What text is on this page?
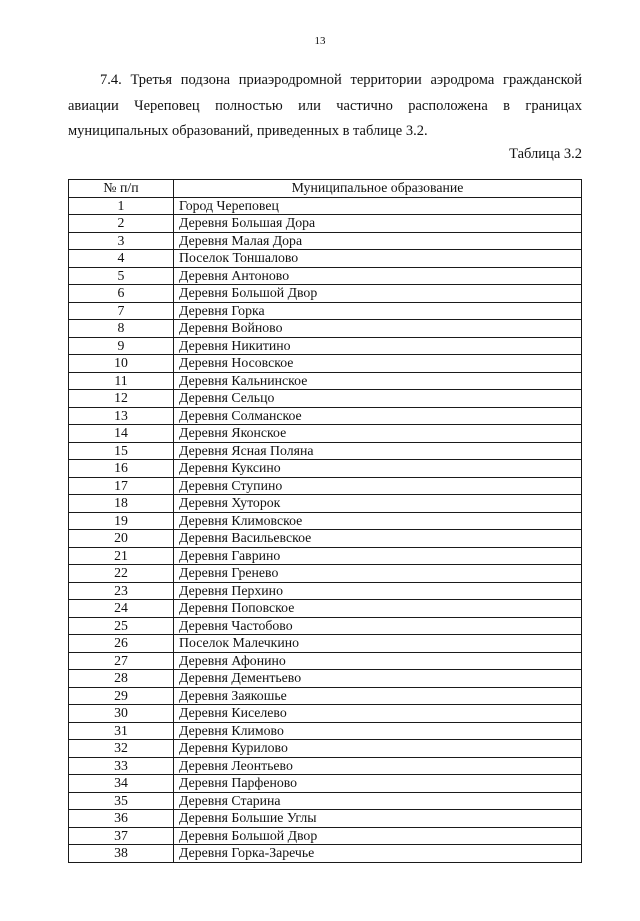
13

7.4. Третья подзона приаэродромной территории аэродрома гражданской
авиации Череповец полностью или частично расположена в границах
муниципальных образований, приведенных в таблице 3.2.

Таблица 3.2
№ п/п	Муниципальное образование
1	Город Череповец
2	Деревня Большая Дора
3	Деревня Малая Дора
4	Поселок Тоншалово
5	Деревня Антоново
6	Деревня Большой Двор
7	Деревня Горка
8	Деревня Войново
9	Деревня Никитино
10	Деревня Носовское
11	Деревня Кальнинское
12	Деревня Сельцо
13	Деревня Солманское
14	Деревня Яконское
15	Деревня Ясная Поляна
16	Деревня Куксино
17	Деревня Ступино
18	Деревня Хуторок
19	Деревня Климовское
20	Деревня Васильевское
21	Деревня Гаврино
22	Деревня Гренево
23	Деревня Перхино
24	Деревня Поповское
25	Деревня Частобово
26	Поселок Малечкино
27	Деревня Афонино
28	Деревня Дементьево
29	Деревня Заякошье
30	Деревня Киселево
31	Деревня Климово
32	Деревня Курилово
33	Деревня Леонтьево
34	Деревня Парфеново
35	Деревня Старина
36	Деревня Большие Углы
37	Деревня Большой Двор
38	Деревня Горка-Заречье
